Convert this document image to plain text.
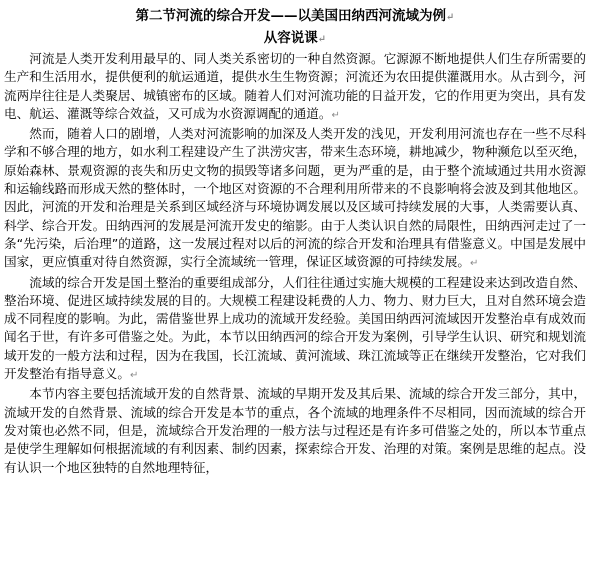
第二节河流的综合开发——以美国田纳西河流域为例↵
从容说课↵

　　河流是人类开发利用最早的、同人类关系密切的一种自然资源。它源源不断地提供人们生存所需要的生产和生活用水，提供便利的航运通道，提供水生生物资源；河流还为农田提供灌溉用水。从古到今，河流两岸往往是人类聚居、城镇密布的区域。随着人们对河流功能的日益开发，它的作用更为突出，具有发电、航运、灌溉等综合效益，又可成为水资源调配的通道。↵

　　然而，随着人口的剧增，人类对河流影响的加深及人类开发的浅见，开发利用河流也存在一些不尽科学和不够合理的地方，如水利工程建设产生了洪涝灾害，带来生态环境，耕地减少，物种濒危以至灭绝，原始森林、景观资源的丧失和历史文物的损毁等诸多问题，更为严重的是，由于整个流域通过共用水资源和运输线路而形成天然的整体时，一个地区对资源的不合理利用所带来的不良影响将会波及到其他地区。因此，河流的开发和治理是关系到区域经济与环境协调发展以及区域可持续发展的大事，人类需要认真、科学、综合开发。田纳西河的发展是河流开发史的缩影。由于人类认识自然的局限性，田纳西河走过了一条“先污染，后治理”的道路，这一发展过程对以后的河流的综合开发和治理具有借鉴意义。中国是发展中国家，更应慎重对待自然资源，实行全流域统一管理，保证区域资源的可持续发展。↵

　　流域的综合开发是国土整治的重要组成部分，人们往往通过实施大规模的工程建设来达到改造自然、整治环境、促进区域持续发展的目的。大规模工程建设耗费的人力、物力、财力巨大，且对自然环境会造成不同程度的影响。为此，需借鉴世界上成功的流域开发经验。美国田纳西河流域因开发整治卓有成效而闻名于世，有许多可借鉴之处。为此，本节以田纳西河的综合开发为案例，引导学生认识、研究和规划流域开发的一般方法和过程，因为在我国，长江流域、黄河流域、珠江流域等正在继续开发整治，它对我们开发整治有指导意义。↵

　　本节内容主要包括流域开发的自然背景、流域的早期开发及其后果、流域的综合开发三部分，其中，流域开发的自然背景、流域的综合开发是本节的重点，各个流域的地理条件不尽相同，因而流域的综合开发对策也必然不同，但是，流域综合开发治理的一般方法与过程还是有许多可借鉴之处的，所以本节重点是使学生理解如何根据流域的有利因素、制约因素，探索综合开发、治理的对策。案例是思维的起点。没有认识一个地区独特的自然地理特征，
